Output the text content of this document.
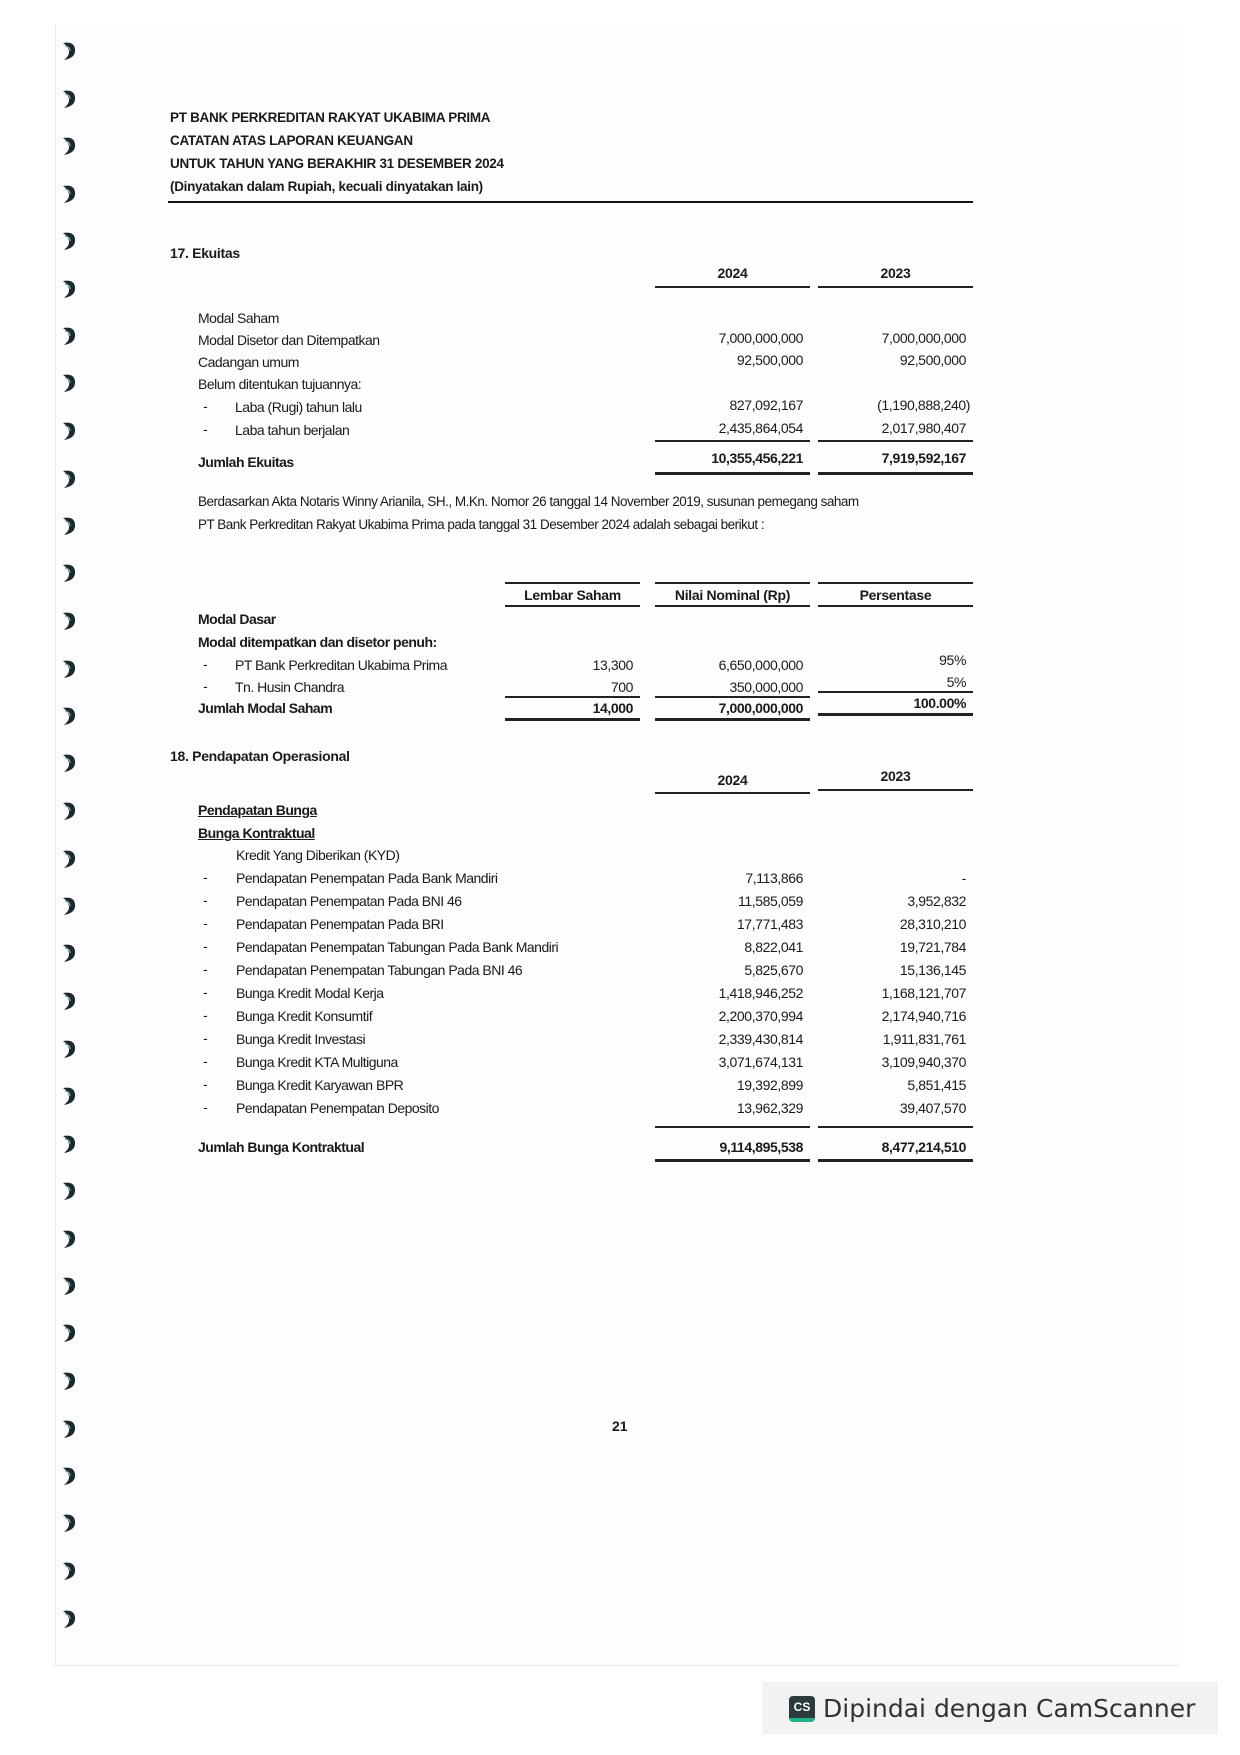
PT BANK PERKREDITAN RAKYAT UKABIMA PRIMA
CATATAN ATAS LAPORAN KEUANGAN
UNTUK TAHUN YANG BERAKHIR 31 DESEMBER 2024
(Dinyatakan dalam Rupiah, kecuali dinyatakan lain)
17. Ekuitas
2024	2023
Modal Saham
Modal Disetor dan Ditempatkan	7,000,000,000	7,000,000,000
Cadangan umum	92,500,000	92,500,000
Belum ditentukan tujuannya:
- Laba (Rugi) tahun lalu	827,092,167	(1,190,888,240)
- Laba tahun berjalan	2,435,864,054	2,017,980,407
Jumlah Ekuitas	10,355,456,221	7,919,592,167
Berdasarkan Akta Notaris Winny Arianila, SH., M.Kn. Nomor 26 tanggal 14 November 2019, susunan pemegang saham
PT Bank Perkreditan Rakyat Ukabima Prima pada tanggal 31 Desember 2024 adalah sebagai berikut :
Lembar Saham	Nilai Nominal (Rp)	Persentase
Modal Dasar
Modal ditempatkan dan disetor penuh:
- PT Bank Perkreditan Ukabima Prima	13,300	6,650,000,000	95%
- Tn. Husin Chandra	700	350,000,000	5%
Jumlah Modal Saham	14,000	7,000,000,000	100.00%
18. Pendapatan Operasional
2024	2023
Pendapatan Bunga
Bunga Kontraktual
Kredit Yang Diberikan (KYD)
- Pendapatan Penempatan Pada Bank Mandiri	7,113,866	-
- Pendapatan Penempatan Pada BNI 46	11,585,059	3,952,832
- Pendapatan Penempatan Pada BRI	17,771,483	28,310,210
- Pendapatan Penempatan Tabungan Pada Bank Mandiri	8,822,041	19,721,784
- Pendapatan Penempatan Tabungan Pada BNI 46	5,825,670	15,136,145
- Bunga Kredit Modal Kerja	1,418,946,252	1,168,121,707
- Bunga Kredit Konsumtif	2,200,370,994	2,174,940,716
- Bunga Kredit Investasi	2,339,430,814	1,911,831,761
- Bunga Kredit KTA Multiguna	3,071,674,131	3,109,940,370
- Bunga Kredit Karyawan BPR	19,392,899	5,851,415
- Pendapatan Penempatan Deposito	13,962,329	39,407,570
Jumlah Bunga Kontraktual	9,114,895,538	8,477,214,510
21
CS Dipindai dengan CamScanner
